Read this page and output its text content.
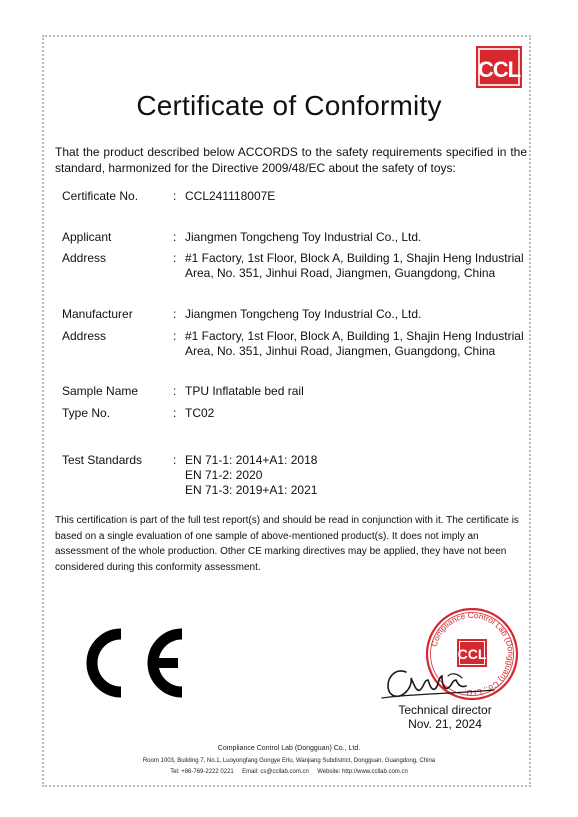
CCL
Certificate of Conformity
That the product described below ACCORDS to the safety requirements specified in the standard, harmonized for the Directive 2009/48/EC about the safety of toys:
Certificate No.	: CCL241118007E
Applicant	: Jiangmen Tongcheng Toy Industrial Co., Ltd.
Address	: #1 Factory, 1st Floor, Block A, Building 1, Shajin Heng Industrial
Area, No. 351, Jinhui Road, Jiangmen, Guangdong, China
Manufacturer	: Jiangmen Tongcheng Toy Industrial Co., Ltd.
Address	: #1 Factory, 1st Floor, Block A, Building 1, Shajin Heng Industrial
Area, No. 351, Jinhui Road, Jiangmen, Guangdong, China
Sample Name	: TPU Inflatable bed rail
Type No.	: TC02
Test Standards	: EN 71-1: 2014+A1: 2018
EN 71-2: 2020
EN 71-3: 2019+A1: 2021
This certification is part of the full test report(s) and should be read in conjunction with it. The certificate is based on a single evaluation of one sample of above-mentioned product(s). It does not imply an assessment of the whole production. Other CE marking directives may be applied, they have not been considered during this conformity assessment.
Compliance Control Lab (Dongguan) Co., LTD.
CCL
Technical director
Nov. 21, 2024
Compliance Control Lab (Dongguan) Co., Ltd.
Room 1003, Building 7, No.1, Luoyongfang Gongye Erlu, Wanjiang Subdistrict, Dongguan, Guangdong, China
Tel: +86-769-2222 0221     Email: cs@ccllab.com.cn     Website: http://www.ccllab.com.cn
